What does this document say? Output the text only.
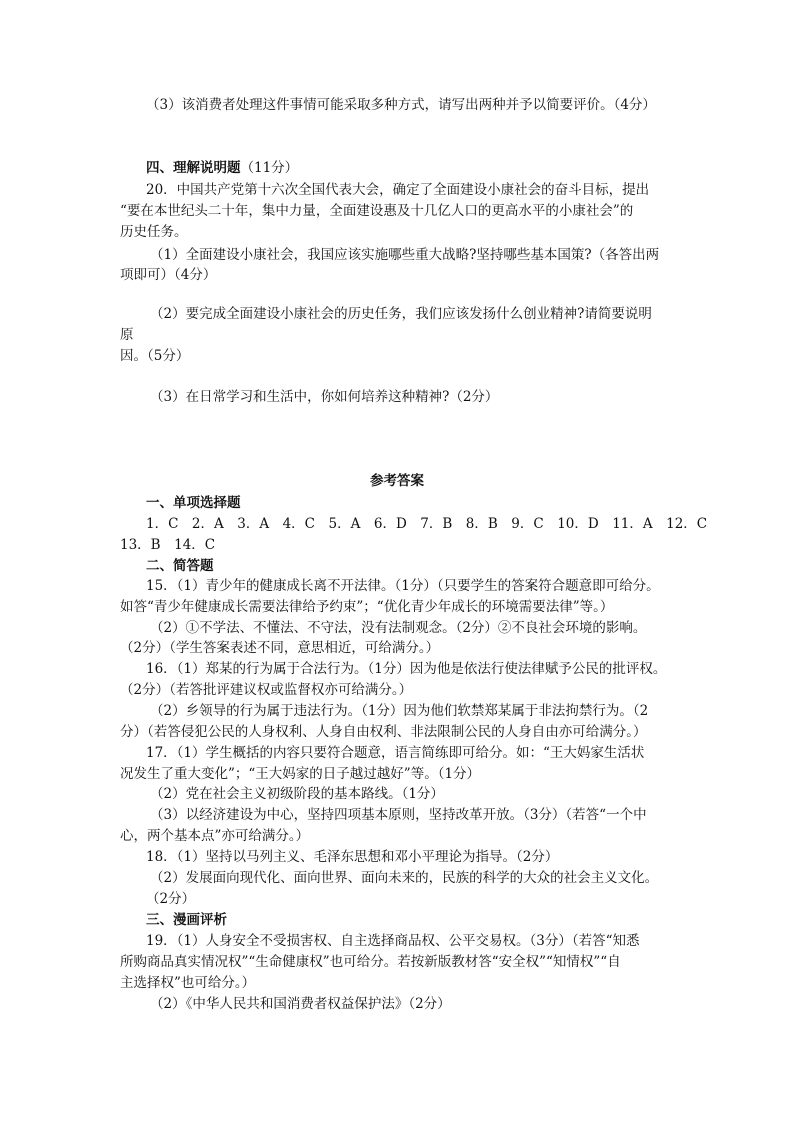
（3）该消费者处理这件事情可能采取多种方式，请写出两种并予以简要评价。（4分）
四、理解说明题（11分）
20．中国共产党第十六次全国代表大会，确定了全面建设小康社会的奋斗目标，提出
“要在本世纪头二十年，集中力量，全面建设惠及十几亿人口的更高水平的小康社会”的
历史任务。
（1）全面建设小康社会，我国应该实施哪些重大战略?坚持哪些基本国策?（各答出两
项即可）（4分）
（2）要完成全面建设小康社会的历史任务，我们应该发扬什么创业精神?请简要说明
原
因。（5分）
（3）在日常学习和生活中，你如何培养这种精神?（2分）
参考答案
一、单项选择题
1．C　2．A　3．A　4．C　5．A　6．D　7．B　8．B　9．C　10．D　11．A　12．C
13．B　14．C
二、简答题
15．（1）青少年的健康成长离不开法律。（1分）（只要学生的答案符合题意即可给分。
如答“青少年健康成长需要法律给予约束”；“优化青少年成长的环境需要法律”等。）
（2）①不学法、不懂法、不守法，没有法制观念。（2分）②不良社会环境的影响。
（2分）（学生答案表述不同，意思相近，可给满分。）
16．（1）郑某的行为属于合法行为。（1分）因为他是依法行使法律赋予公民的批评权。
（2分）（若答批评建议权或监督权亦可给满分。）
（2）乡领导的行为属于违法行为。（1分）因为他们软禁郑某属于非法拘禁行为。（2
分）（若答侵犯公民的人身权利、人身自由权利、非法限制公民的人身自由亦可给满分。）
17．（1）学生概括的内容只要符合题意，语言简练即可给分。如：“王大妈家生活状
况发生了重大变化”；“王大妈家的日子越过越好”等。（1分）
（2）党在社会主义初级阶段的基本路线。（1分）
（3）以经济建设为中心，坚持四项基本原则，坚持改革开放。（3分）（若答“一个中
心，两个基本点”亦可给满分。）
18．（1）坚持以马列主义、毛泽东思想和邓小平理论为指导。（2分）
（2）发展面向现代化、面向世界、面向未来的，民族的科学的大众的社会主义文化。
（2分）
三、漫画评析
19．（1）人身安全不受损害权、自主选择商品权、公平交易权。（3分）（若答“知悉
所购商品真实情况权”“生命健康权”也可给分。若按新版教材答“安全权”“知情权”“自
主选择权”也可给分。）
（2）《中华人民共和国消费者权益保护法》（2分）
